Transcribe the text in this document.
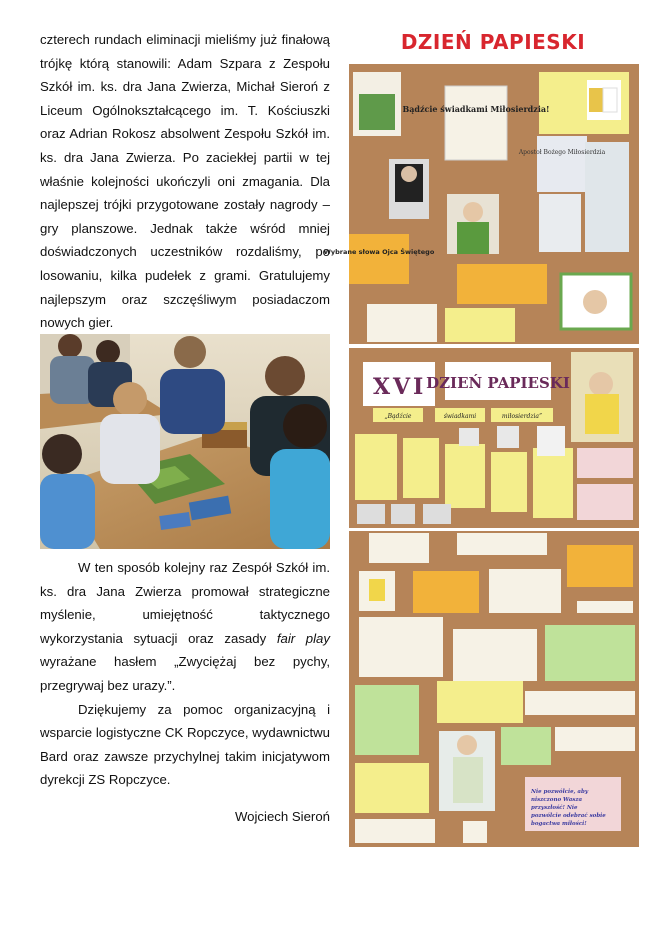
czterech rundach eliminacji mieliśmy już finałową trójkę którą stanowili: Adam Szpara z Zespołu Szkół im. ks. dra Jana Zwierza, Michał Sieroń z Liceum Ogólnokształcącego im. T. Kościuszki oraz Adrian Rokosz absolwent Zespołu Szkół im. ks. dra Jana Zwierza. Po zaciekłej partii w tej właśnie kolejności ukończyli oni zmagania. Dla najlepszej trójki przygotowane zostały nagrody – gry planszowe. Jednak także wśród mniej doświadczonych uczestników rozdaliśmy, po losowaniu, kilka pudełek z grami. Gratulujemy najlepszym oraz szczęśliwym posiadaczom nowych gier.

W ten sposób kolejny raz Zespół Szkół im. ks. dra Jana Zwierza promował strategiczne myślenie, umiejętność taktycznego wykorzystania sytuacji oraz zasady fair play wyrażane hasłem „Zwyciężaj bez pychy, przegrywaj bez urazy.”.

Dziękujemy za pomoc organizacyjną i wsparcie logistyczne CK Ropczyce, wydawnictwu Bard oraz zawsze przychylnej takim inicjatywom dyrekcji ZS Ropczyce.

Wojciech Sieroń
DZIEŃ PAPIESKI
Bądźcie świadkami Miłosierdzia!
Apostoł Bożego Miłosierdzia
Wybrane słowa Ojca Świętego
X V I DZIEŃ PAPIESKI
„Bądźcie	świadkami	miłosierdzia”
Nie pozwólcie, aby niszczono Wasza przyszłość! Nie pozwólcie odebrać sobie bogactwa miłości!
